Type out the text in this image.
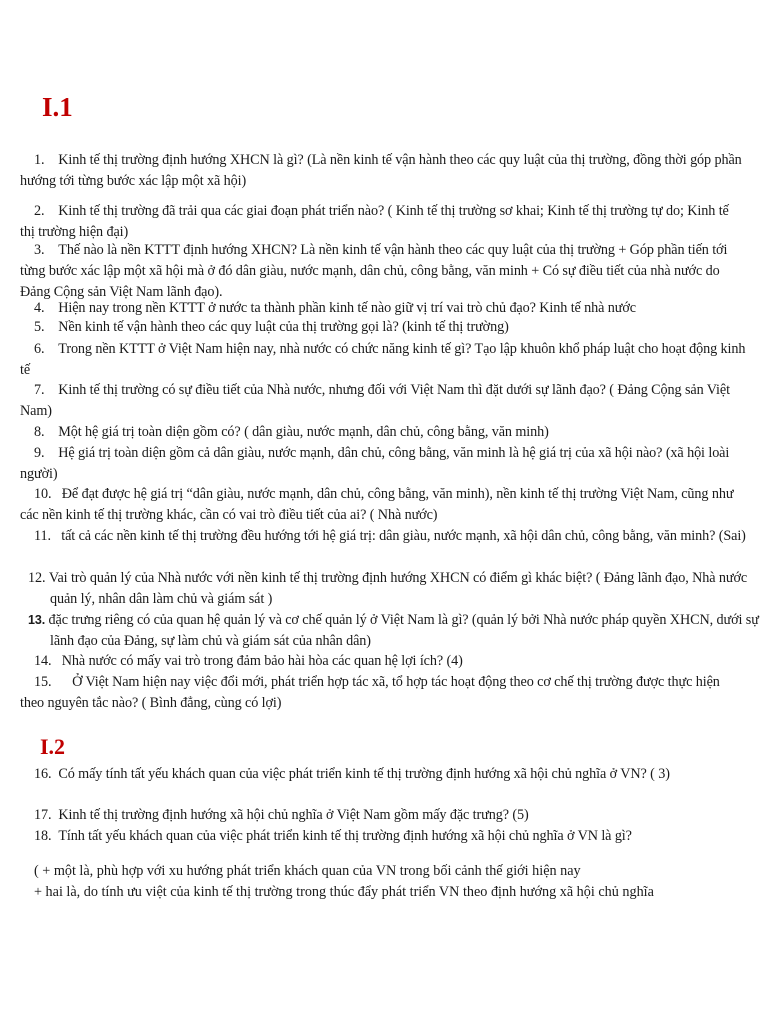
I.1

1. Kinh tế thị trường định hướng XHCN là gì? (Là nền kinh tế vận hành theo các quy luật của thị trường, đồng thời góp phần hướng tới từng bước xác lập một xã hội)

2. Kinh tế thị trường đã trải qua các giai đoạn phát triển nào? ( Kinh tế thị trường sơ khai; Kinh tế thị trường tự do; Kinh tế thị trường hiện đại)

3. Thế nào là nền KTTT định hướng XHCN? Là nền kinh tế vận hành theo các quy luật của thị trường + Góp phần tiến tới từng bước xác lập một xã hội mà ở đó dân giàu, nước mạnh, dân chủ, công bằng, văn minh + Có sự điều tiết của nhà nước do Đảng Cộng sản Việt Nam lãnh đạo).

4. Hiện nay trong nền KTTT ở nước ta thành phần kinh tế nào giữ vị trí vai trò chủ đạo? Kinh tế nhà nước

5. Nền kinh tế vận hành theo các quy luật của thị trường gọi là? (kinh tế thị trường)

6. Trong nền KTTT ở Việt Nam hiện nay, nhà nước có chức năng kinh tế gì? Tạo lập khuôn khổ pháp luật cho hoạt động kinh tế

7. Kinh tế thị trường có sự điều tiết của Nhà nước, nhưng đối với Việt Nam thì đặt dưới sự lãnh đạo? ( Đảng Cộng sản Việt Nam)

8. Một hệ giá trị toàn diện gồm có? ( dân giàu, nước mạnh, dân chủ, công bằng, văn minh)

9. Hệ giá trị toàn diện gồm cả dân giàu, nước mạnh, dân chủ, công bằng, văn minh là hệ giá trị của xã hội nào? (xã hội loài người)

10. Để đạt được hệ giá trị “dân giàu, nước mạnh, dân chủ, công bằng, văn minh), nền kinh tế thị trường Việt Nam, cũng như các nền kinh tế thị trường khác, cần có vai trò điều tiết của ai? ( Nhà nước)

11. tất cả các nền kinh tế thị trường đều hướng tới hệ giá trị: dân giàu, nước mạnh, xã hội dân chủ, công bằng, văn minh? (Sai)

12. Vai trò quản lý của Nhà nước với nền kinh tế thị trường định hướng XHCN có điểm gì khác biệt? ( Đảng lãnh đạo, Nhà nước quản lý, nhân dân làm chủ và giám sát )

13. đặc trưng riêng có của quan hệ quản lý và cơ chế quản lý ở Việt Nam là gì? (quản lý bởi Nhà nước pháp quyền XHCN, dưới sự lãnh đạo của Đảng, sự làm chủ và giám sát của nhân dân)

14. Nhà nước có mấy vai trò trong đảm bảo hài hòa các quan hệ lợi ích? (4)

15. Ở Việt Nam hiện nay việc đổi mới, phát triển hợp tác xã, tổ hợp tác hoạt động theo cơ chế thị trường được thực hiện theo nguyên tắc nào? ( Bình đẳng, cùng có lợi)

I.2

16. Có mấy tính tất yếu khách quan của việc phát triển kinh tế thị trường định hướng xã hội chủ nghĩa ở VN? ( 3)

17. Kinh tế thị trường định hướng xã hội chủ nghĩa ở Việt Nam gồm mấy đặc trưng? (5)

18. Tính tất yếu khách quan của việc phát triển kinh tế thị trường định hướng xã hội chủ nghĩa ở VN là gì?

( + một là, phù hợp với xu hướng phát triển khách quan của VN trong bối cảnh thế giới hiện nay

+ hai là, do tính ưu việt của kinh tế thị trường trong thúc đẩy phát triển VN theo định hướng xã hội chủ nghĩa
